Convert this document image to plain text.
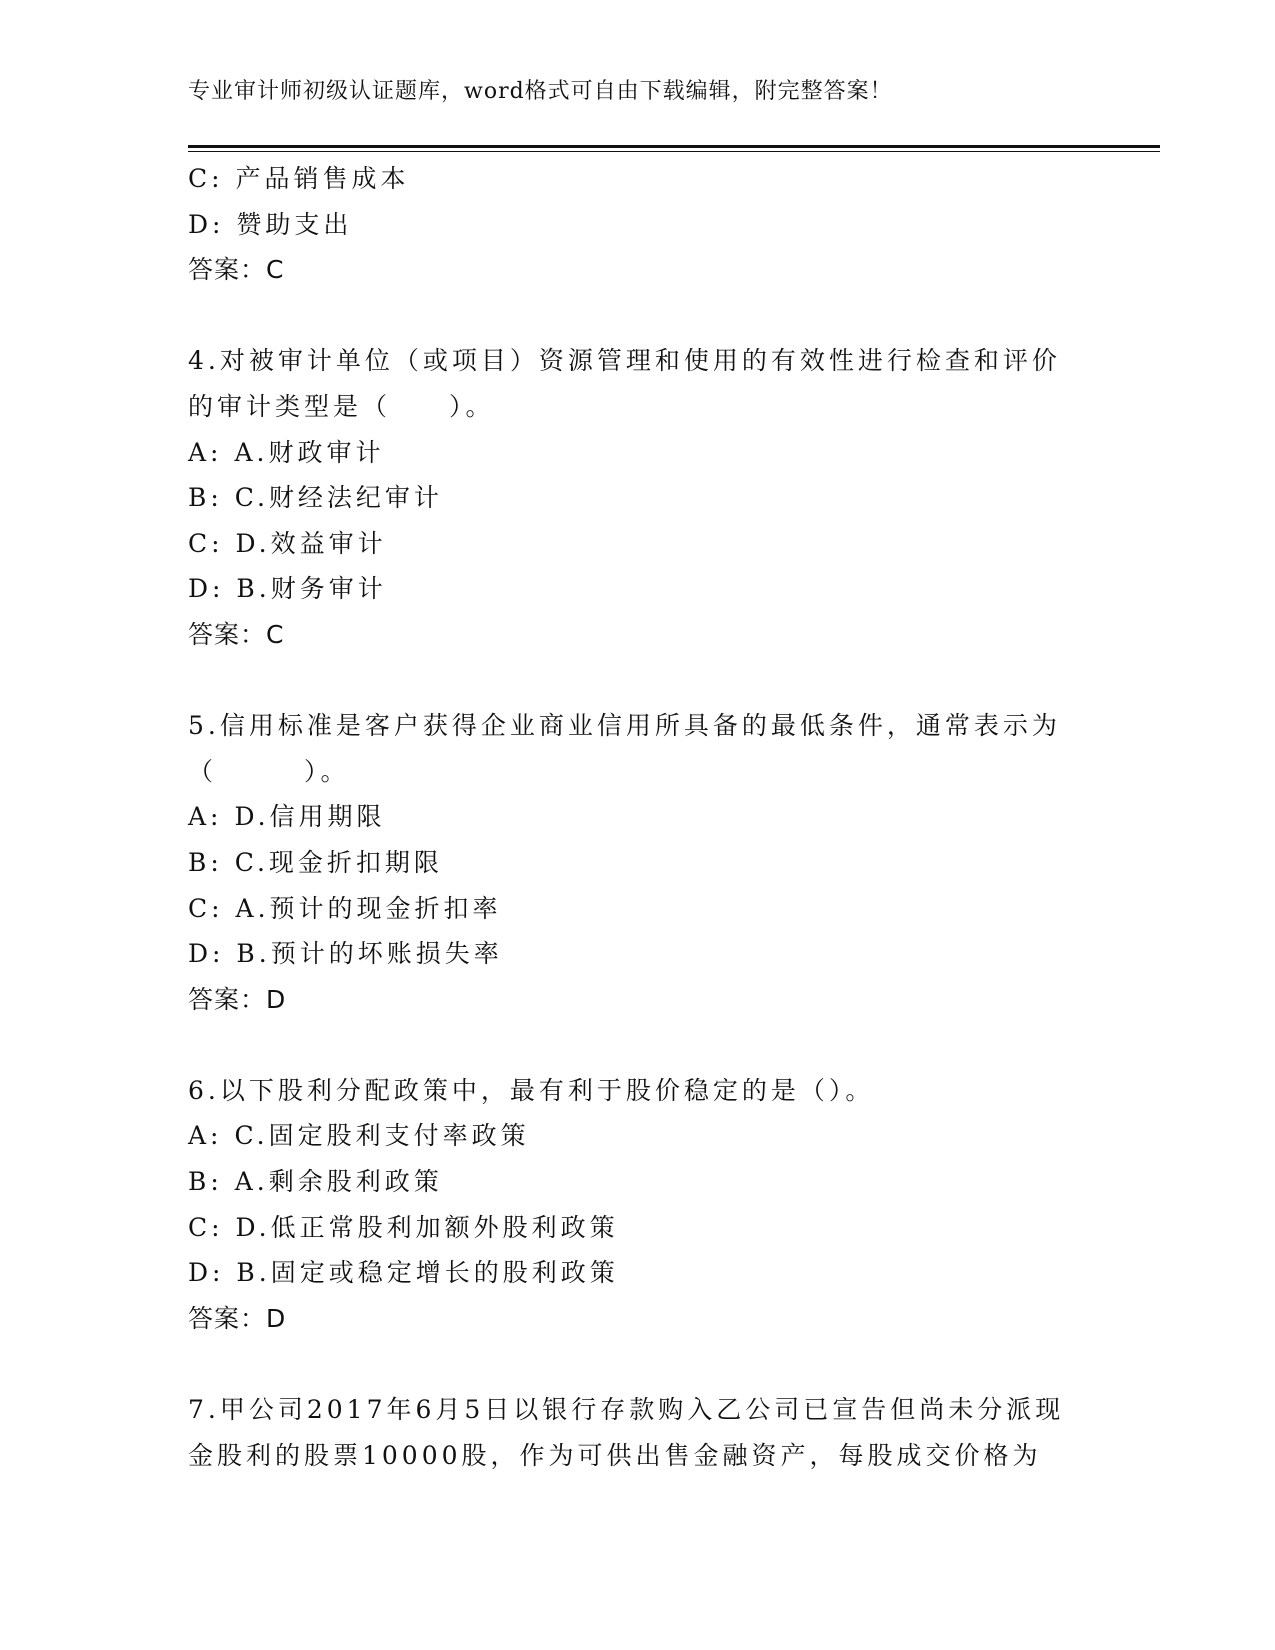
专业审计师初级认证题库，word格式可自由下载编辑，附完整答案！
C: 产品销售成本
D: 赞助支出
答案：C
4.对被审计单位（或项目）资源管理和使用的有效性进行检查和评价
的审计类型是（　　）。
A: A.财政审计
B: C.财经法纪审计
C: D.效益审计
D: B.财务审计
答案：C
5.信用标准是客户获得企业商业信用所具备的最低条件，通常表示为
（　　　）。
A: D.信用期限
B: C.现金折扣期限
C: A.预计的现金折扣率
D: B.预计的坏账损失率
答案：D
6.以下股利分配政策中，最有利于股价稳定的是（）。
A: C.固定股利支付率政策
B: A.剩余股利政策
C: D.低正常股利加额外股利政策
D: B.固定或稳定增长的股利政策
答案：D
7.甲公司2017年6月5日以银行存款购入乙公司已宣告但尚未分派现
金股利的股票10000股，作为可供出售金融资产，每股成交价格为
